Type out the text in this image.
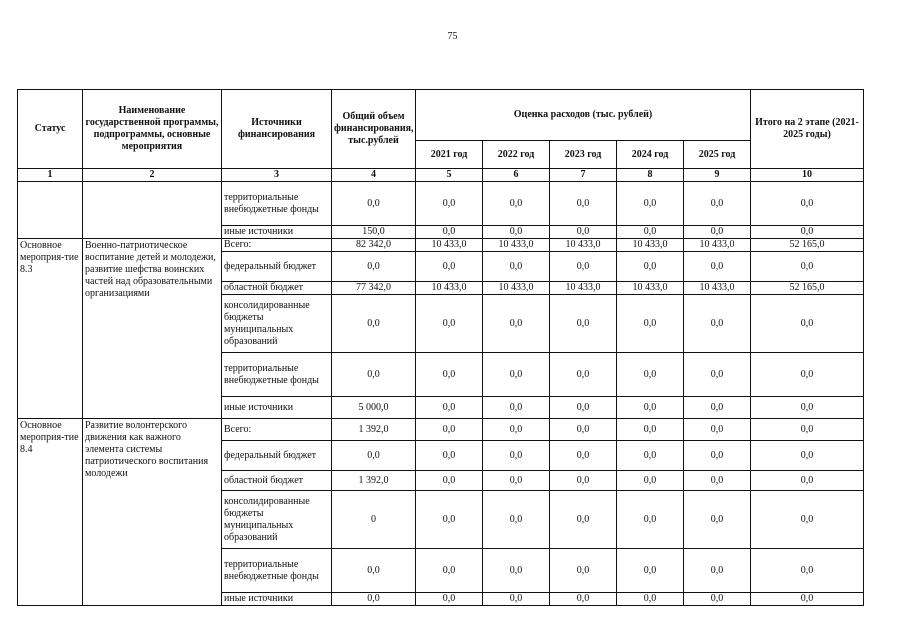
75
Статус	Наименование государственной программы, подпрограммы, основные мероприятия	Источники финансирования	Общий объем финансирования, тыс.рублей	Оценка расходов (тыс. рублей)					Итого на 2 этапе (2021-2025 годы)
				2021 год	2022 год	2023 год	2024 год	2025 год	
1	2	3	4	5	6	7	8	9	10
		территориальные внебюджетные фонды	0,0	0,0	0,0	0,0	0,0	0,0	0,0
		иные источники	150,0	0,0	0,0	0,0	0,0	0,0	0,0
Основное мероприя-тие 8.3	Военно-патриотическое воспитание детей и молодежи, развитие шефства воинских частей над образовательными организациями	Всего:	82 342,0	10 433,0	10 433,0	10 433,0	10 433,0	10 433,0	52 165,0
		федеральный бюджет	0,0	0,0	0,0	0,0	0,0	0,0	0,0
		областной бюджет	77 342,0	10 433,0	10 433,0	10 433,0	10 433,0	10 433,0	52 165,0
		консолидированные бюджеты муниципальных образований	0,0	0,0	0,0	0,0	0,0	0,0	0,0
		территориальные внебюджетные фонды	0,0	0,0	0,0	0,0	0,0	0,0	0,0
		иные источники	5 000,0	0,0	0,0	0,0	0,0	0,0	0,0
Основное мероприя-тие 8.4	Развитие волонтерского движения как важного элемента системы патриотического воспитания молодежи	Всего:	1 392,0	0,0	0,0	0,0	0,0	0,0	0,0
		федеральный бюджет	0,0	0,0	0,0	0,0	0,0	0,0	0,0
		областной бюджет	1 392,0	0,0	0,0	0,0	0,0	0,0	0,0
		консолидированные бюджеты муниципальных образований	0	0,0	0,0	0,0	0,0	0,0	0,0
		территориальные внебюджетные фонды	0,0	0,0	0,0	0,0	0,0	0,0	0,0
		иные источники	0,0	0,0	0,0	0,0	0,0	0,0	0,0
